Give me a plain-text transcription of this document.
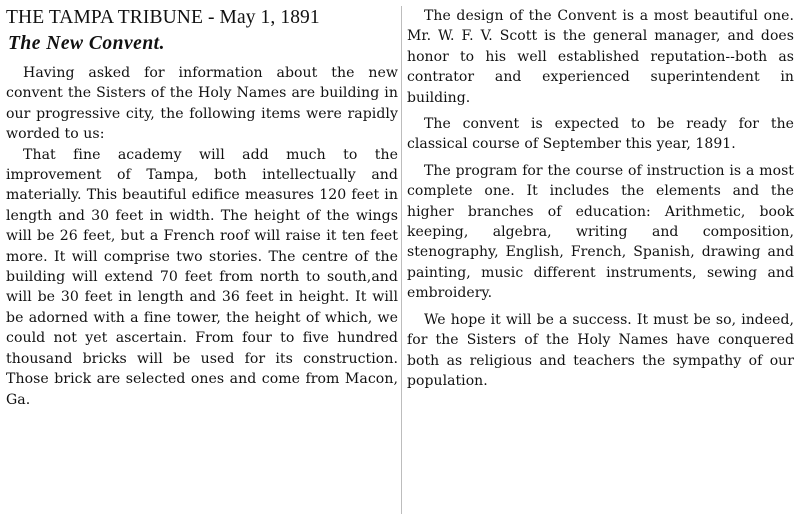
THE TAMPA TRIBUNE - May 1, 1891
The New Convent.

Having asked for information about the new convent the Sisters of the Holy Names are building in our progressive city, the following items were rapidly worded to us:

That fine academy will add much to the improvement of Tampa, both intellectually and materially. This beautiful edifice measures 120 feet in length and 30 feet in width. The height of the wings will be 26 feet, but a French roof will raise it ten feet more. It will comprise two stories. The centre of the building will extend 70 feet from north to south,and will be 30 feet in length and 36 feet in height. It will be adorned with a fine tower, the height of which, we could not yet ascertain. From four to five hundred thousand bricks will be used for its construction. Those brick are selected ones and come from Macon, Ga.

The design of the Convent is a most beautiful one. Mr. W. F. V. Scott is the general manager, and does honor to his well established reputation--both as contrator and experienced superintendent in building.

The convent is expected to be ready for the classical course of September this year, 1891.

The program for the course of instruction is a most complete one. It includes the elements and the higher branches of education: Arithmetic, book keeping, algebra, writing and composition, stenography, English, French, Spanish, drawing and painting, music different instruments, sewing and embroidery.

We hope it will be a success. It must be so, indeed, for the Sisters of the Holy Names have conquered both as religious and teachers the sympathy of our population.
